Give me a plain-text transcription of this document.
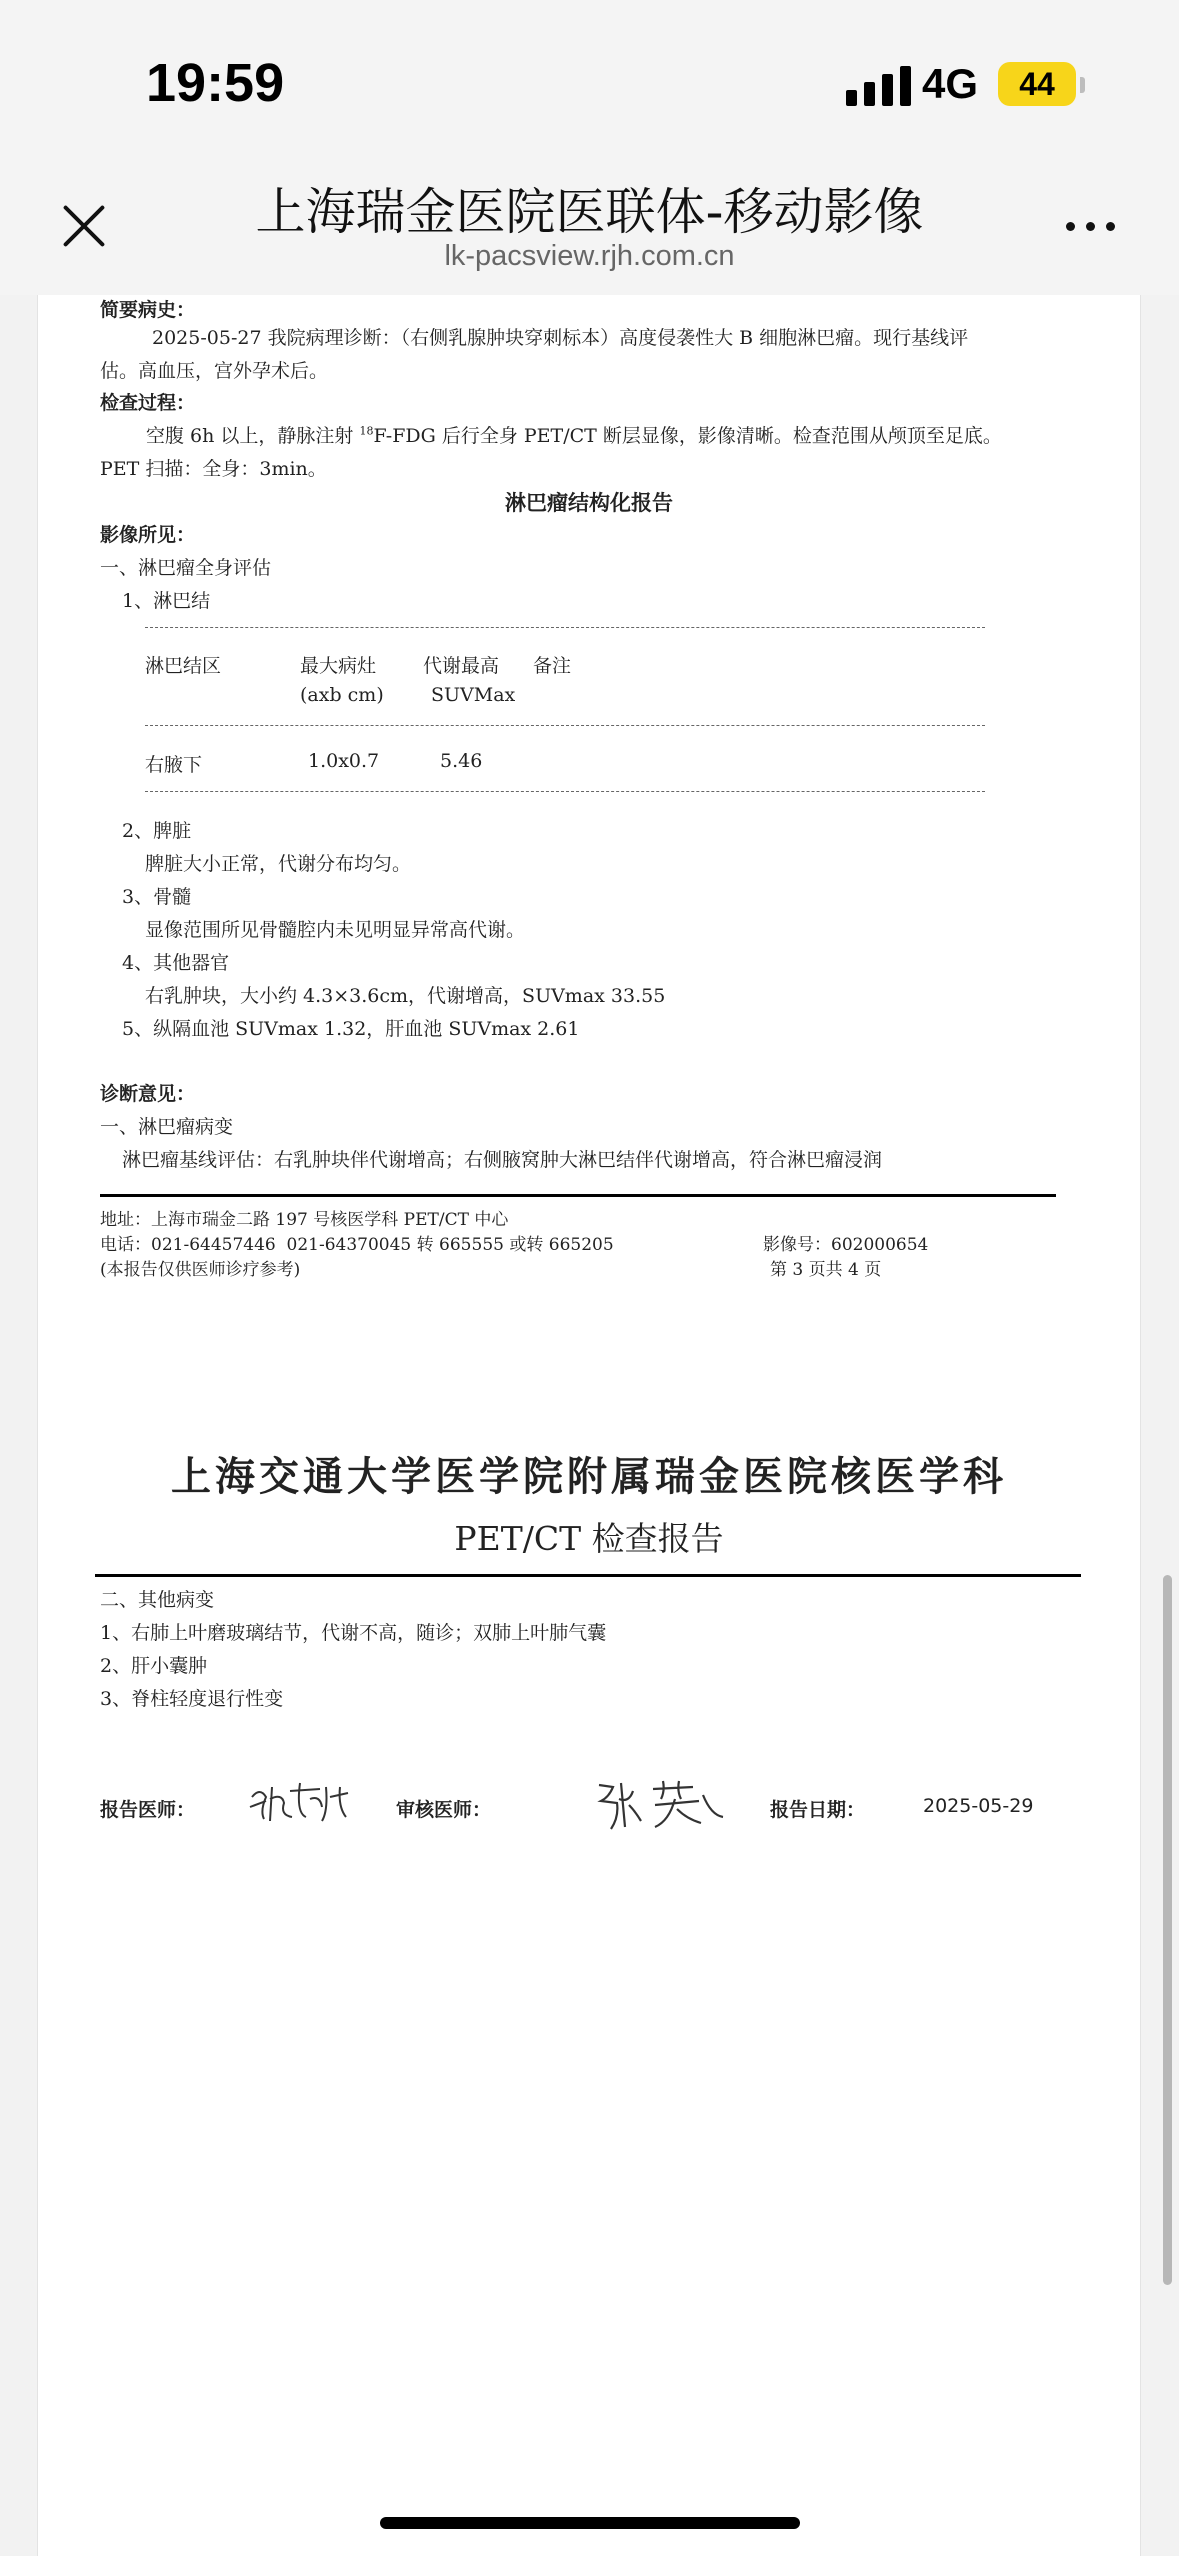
19:59	4G	44
上海瑞金医院医联体-移动影像
lk-pacsview.rjh.com.cn
简要病史：
2025-05-27 我院病理诊断：（右侧乳腺肿块穿刺标本）高度侵袭性大 B 细胞淋巴瘤。现行基线评
估。高血压，宫外孕术后。
检查过程：
空腹 6h 以上，静脉注射 $^{18}$F-FDG 后行全身 PET/CT 断层显像，影像清晰。检查范围从颅顶至足底。
PET 扫描：全身：3min。
淋巴瘤结构化报告
影像所见：
一、淋巴瘤全身评估
1、淋巴结
淋巴结区	最大病灶 代谢最高 备注
(axb cm) SUVMax
右腋下	1.0x0.7	5.46
2、脾脏
脾脏大小正常，代谢分布均匀。
3、骨髓
显像范围所见骨髓腔内未见明显异常高代谢。
4、其他器官
右乳肿块，大小约 4.3×3.6cm，代谢增高，SUVmax 33.55
5、纵隔血池 SUVmax 1.32，肝血池 SUVmax 2.61
诊断意见：
一、淋巴瘤病变
淋巴瘤基线评估：右乳肿块伴代谢增高；右侧腋窝肿大淋巴结伴代谢增高，符合淋巴瘤浸润
地址：上海市瑞金二路 197 号核医学科 PET/CT 中心
电话：021-64457446  021-64370045 转 665555 或转 665205
(本报告仅供医师诊疗参考)
影像号：602000654
第 3 页共 4 页
上海交通大学医学院附属瑞金医院核医学科
PET/CT 检查报告
二、其他病变
1、右肺上叶磨玻璃结节，代谢不高，随诊；双肺上叶肺气囊
2、肝小囊肿
3、脊柱轻度退行性变
报告医师：	审核医师：	报告日期：	2025-05-29
